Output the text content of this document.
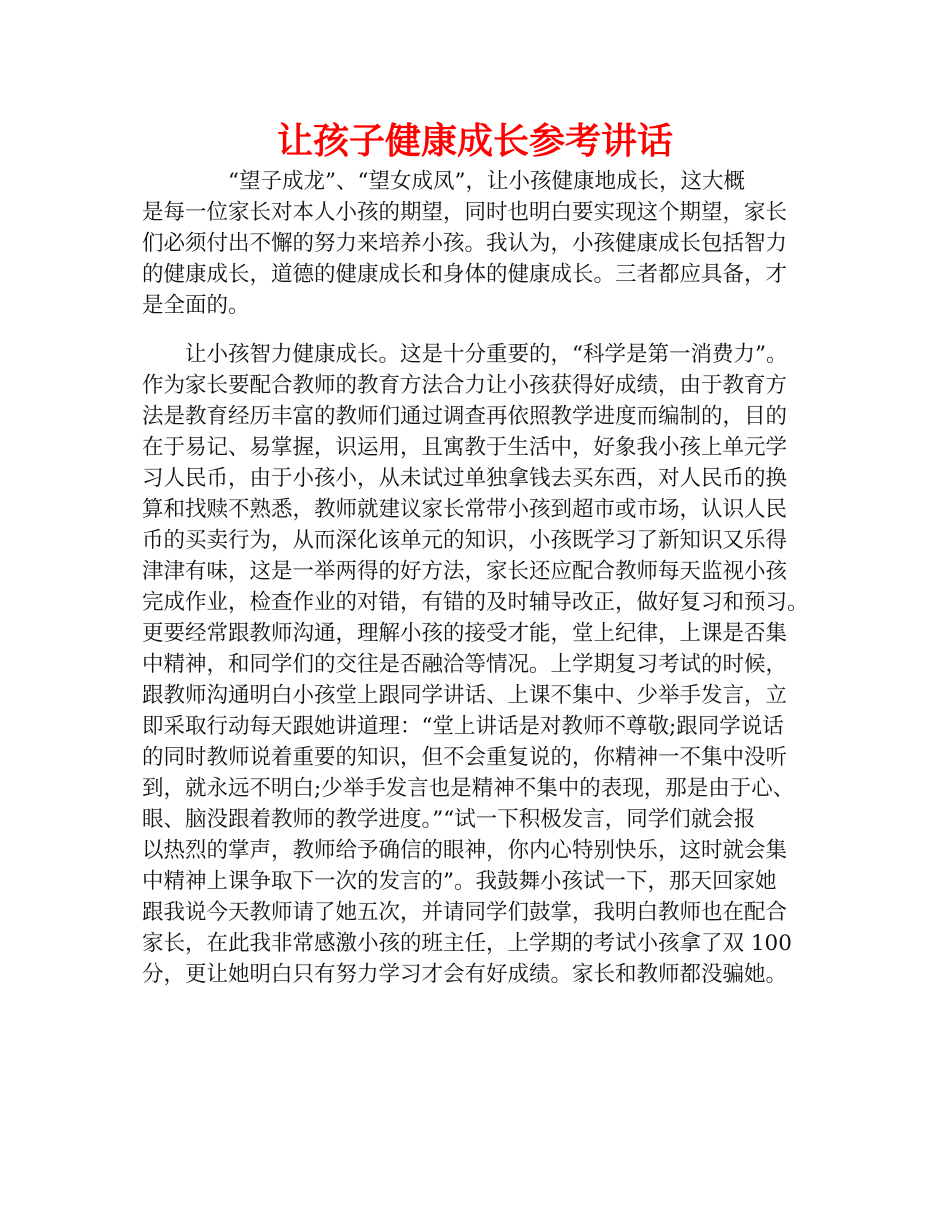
让孩子健康成长参考讲话
　　　　“望子成龙”、“望女成凤”，让小孩健康地成长，这大概
是每一位家长对本人小孩的期望，同时也明白要实现这个期望，家长
们必须付出不懈的努力来培养小孩。我认为，小孩健康成长包括智力
的健康成长，道德的健康成长和身体的健康成长。三者都应具备，才
是全面的。
　　让小孩智力健康成长。这是十分重要的，“科学是第一消费力”。
作为家长要配合教师的教育方法合力让小孩获得好成绩，由于教育方
法是教育经历丰富的教师们通过调查再依照教学进度而编制的，目的
在于易记、易掌握，识运用，且寓教于生活中，好象我小孩上单元学
习人民币，由于小孩小，从未试过单独拿钱去买东西，对人民币的换
算和找赎不熟悉，教师就建议家长常带小孩到超市或市场，认识人民
币的买卖行为，从而深化该单元的知识，小孩既学习了新知识又乐得
津津有味，这是一举两得的好方法，家长还应配合教师每天监视小孩
完成作业，检查作业的对错，有错的及时辅导改正，做好复习和预习。
更要经常跟教师沟通，理解小孩的接受才能，堂上纪律，上课是否集
中精神，和同学们的交往是否融洽等情况。上学期复习考试的时候，
跟教师沟通明白小孩堂上跟同学讲话、上课不集中、少举手发言，立
即采取行动每天跟她讲道理：“堂上讲话是对教师不尊敬;跟同学说话
的同时教师说着重要的知识，但不会重复说的，你精神一不集中没听
到，就永远不明白;少举手发言也是精神不集中的表现，那是由于心、
眼、脑没跟着教师的教学进度。”“试一下积极发言，同学们就会报
以热烈的掌声，教师给予确信的眼神，你内心特别快乐，这时就会集
中精神上课争取下一次的发言的”。我鼓舞小孩试一下，那天回家她
跟我说今天教师请了她五次，并请同学们鼓掌，我明白教师也在配合
家长，在此我非常感激小孩的班主任，上学期的考试小孩拿了双 100
分，更让她明白只有努力学习才会有好成绩。家长和教师都没骗她。
